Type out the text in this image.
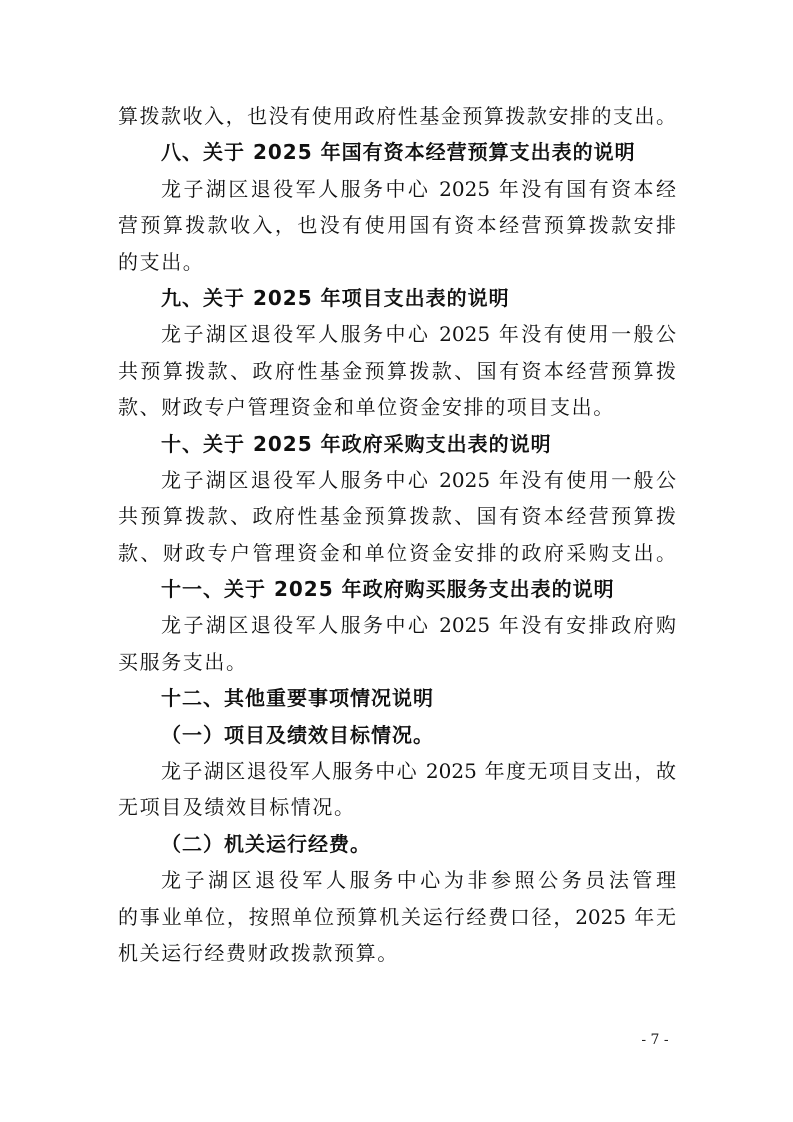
算拨款收入，也没有使用政府性基金预算拨款安排的支出。
八、关于 2025 年国有资本经营预算支出表的说明
龙子湖区退役军人服务中心 2025 年没有国有资本经
营预算拨款收入，也没有使用国有资本经营预算拨款安排
的支出。
九、关于 2025 年项目支出表的说明
龙子湖区退役军人服务中心 2025 年没有使用一般公
共预算拨款、政府性基金预算拨款、国有资本经营预算拨
款、财政专户管理资金和单位资金安排的项目支出。
十、关于 2025 年政府采购支出表的说明
龙子湖区退役军人服务中心 2025 年没有使用一般公
共预算拨款、政府性基金预算拨款、国有资本经营预算拨
款、财政专户管理资金和单位资金安排的政府采购支出。
十一、关于 2025 年政府购买服务支出表的说明
龙子湖区退役军人服务中心 2025 年没有安排政府购
买服务支出。
十二、其他重要事项情况说明
（一）项目及绩效目标情况。
龙子湖区退役军人服务中心 2025 年度无项目支出，故
无项目及绩效目标情况。
（二）机关运行经费。
龙子湖区退役军人服务中心为非参照公务员法管理
的事业单位，按照单位预算机关运行经费口径，2025 年无
机关运行经费财政拨款预算。
- 7 -
